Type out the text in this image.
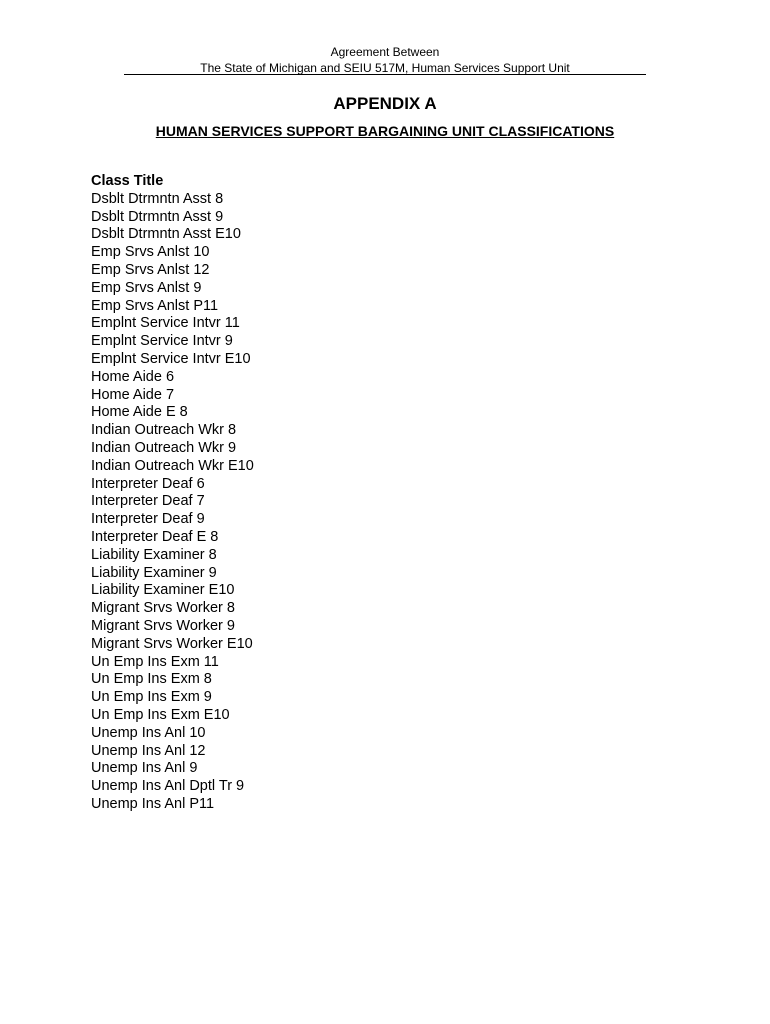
Agreement Between
The State of Michigan and SEIU 517M, Human Services Support Unit
APPENDIX A
HUMAN SERVICES SUPPORT BARGAINING UNIT CLASSIFICATIONS
Class Title
Dsblt Dtrmntn Asst 8
Dsblt Dtrmntn Asst 9
Dsblt Dtrmntn Asst E10
Emp Srvs Anlst 10
Emp Srvs Anlst 12
Emp Srvs Anlst 9
Emp Srvs Anlst P11
Emplnt Service Intvr 11
Emplnt Service Intvr 9
Emplnt Service Intvr E10
Home Aide 6
Home Aide 7
Home Aide E 8
Indian Outreach Wkr 8
Indian Outreach Wkr 9
Indian Outreach Wkr E10
Interpreter Deaf 6
Interpreter Deaf 7
Interpreter Deaf 9
Interpreter Deaf E 8
Liability Examiner 8
Liability Examiner 9
Liability Examiner E10
Migrant Srvs Worker 8
Migrant Srvs Worker 9
Migrant Srvs Worker E10
Un Emp Ins Exm 11
Un Emp Ins Exm 8
Un Emp Ins Exm 9
Un Emp Ins Exm E10
Unemp Ins Anl 10
Unemp Ins Anl 12
Unemp Ins Anl 9
Unemp Ins Anl Dptl Tr 9
Unemp Ins Anl P11
